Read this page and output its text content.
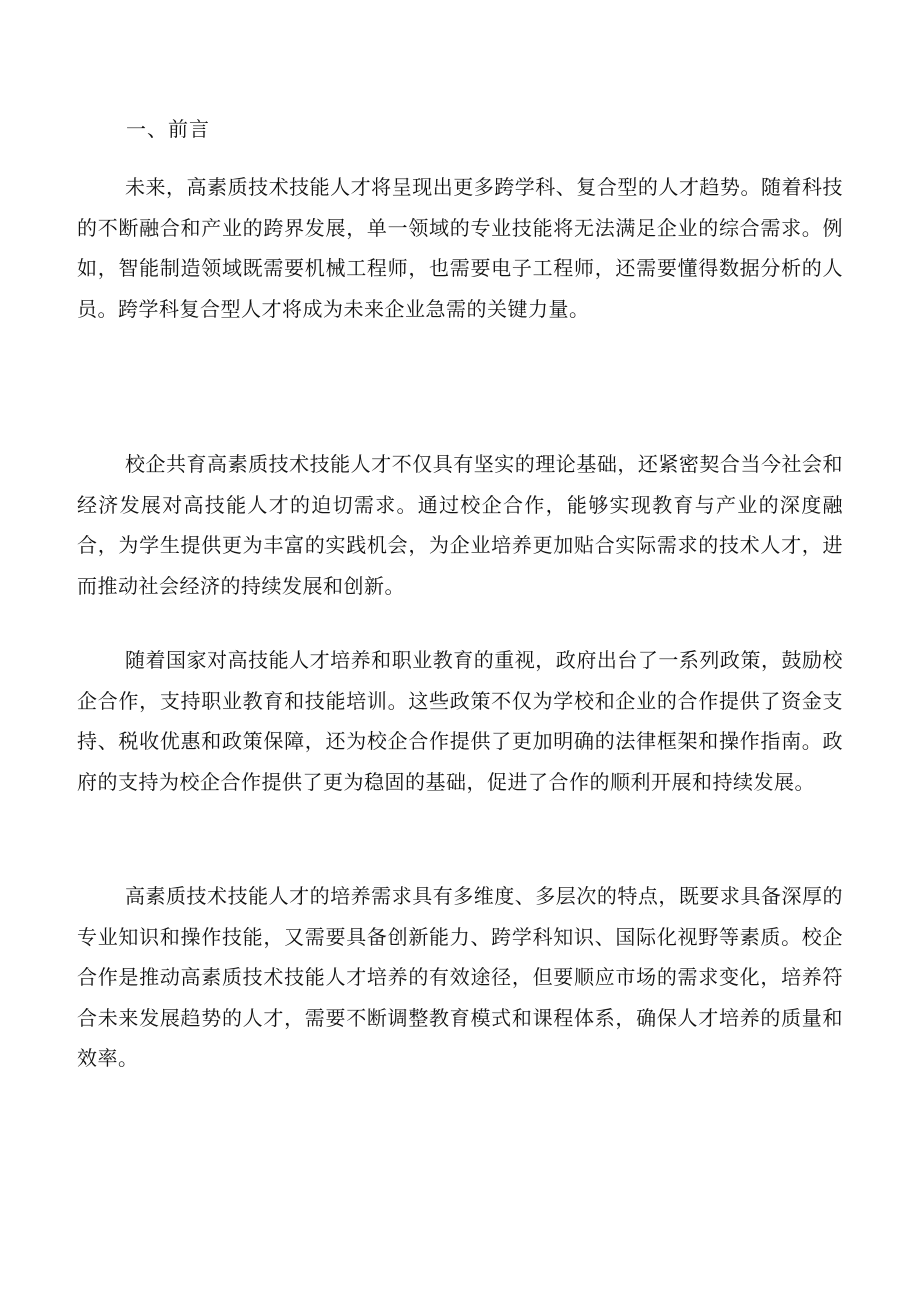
一、前言

未来，高素质技术技能人才将呈现出更多跨学科、复合型的人才趋势。随着科技的不断融合和产业的跨界发展，单一领域的专业技能将无法满足企业的综合需求。例如，智能制造领域既需要机械工程师，也需要电子工程师，还需要懂得数据分析的人员。跨学科复合型人才将成为未来企业急需的关键力量。

校企共育高素质技术技能人才不仅具有坚实的理论基础，还紧密契合当今社会和经济发展对高技能人才的迫切需求。通过校企合作，能够实现教育与产业的深度融合，为学生提供更为丰富的实践机会，为企业培养更加贴合实际需求的技术人才，进而推动社会经济的持续发展和创新。

随着国家对高技能人才培养和职业教育的重视，政府出台了一系列政策，鼓励校企合作，支持职业教育和技能培训。这些政策不仅为学校和企业的合作提供了资金支持、税收优惠和政策保障，还为校企合作提供了更加明确的法律框架和操作指南。政府的支持为校企合作提供了更为稳固的基础，促进了合作的顺利开展和持续发展。

高素质技术技能人才的培养需求具有多维度、多层次的特点，既要求具备深厚的专业知识和操作技能，又需要具备创新能力、跨学科知识、国际化视野等素质。校企合作是推动高素质技术技能人才培养的有效途径，但要顺应市场的需求变化，培养符合未来发展趋势的人才，需要不断调整教育模式和课程体系，确保人才培养的质量和效率。
